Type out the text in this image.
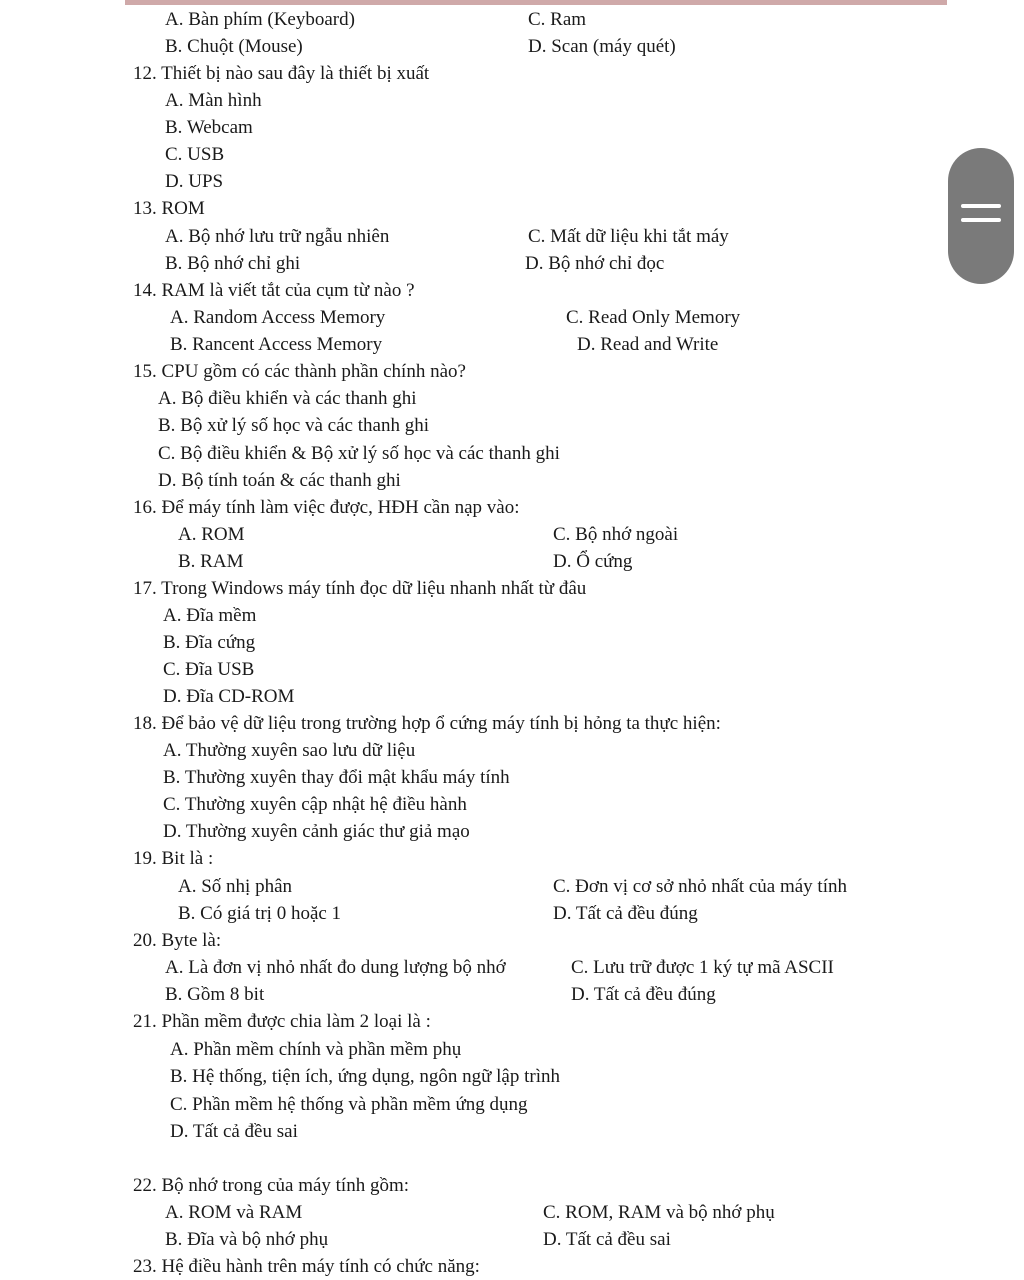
A. Bàn phím (Keyboard)	C. Ram
B. Chuột (Mouse)	D. Scan (máy quét)
12. Thiết bị nào sau đây là thiết bị xuất
A. Màn hình
B. Webcam
C. USB
D. UPS
13. ROM
A. Bộ nhớ lưu trữ ngẫu nhiên	C. Mất dữ liệu khi tắt máy
B. Bộ nhớ chỉ ghi	D. Bộ nhớ chỉ đọc
14. RAM là viết tắt của cụm từ nào ?
A. Random Access Memory	C. Read Only Memory
B. Rancent Access Memory	D. Read and Write
15. CPU gồm có các thành phần chính nào?
A. Bộ điều khiển và các thanh ghi
B. Bộ xử lý số học và các thanh ghi
C. Bộ điều khiển & Bộ xử lý số học và các thanh ghi
D. Bộ tính toán & các thanh ghi
16. Để máy tính làm việc được, HĐH cần nạp vào:
A. ROM	C. Bộ nhớ ngoài
B. RAM	D. Ổ cứng
17. Trong Windows máy tính đọc dữ liệu nhanh nhất từ đâu
A. Đĩa mềm
B. Đĩa cứng
C. Đĩa USB
D. Đĩa CD-ROM
18. Để bảo vệ dữ liệu trong trường hợp ổ cứng máy tính bị hỏng ta thực hiện:
A. Thường xuyên sao lưu dữ liệu
B. Thường xuyên thay đổi mật khẩu máy tính
C. Thường xuyên cập nhật hệ điều hành
D. Thường xuyên cảnh giác thư giả mạo
19. Bit là :
A. Số nhị phân	C. Đơn vị cơ sở nhỏ nhất của máy tính
B. Có giá trị 0 hoặc 1	D. Tất cả đều đúng
20. Byte là:
A. Là đơn vị nhỏ nhất đo dung lượng bộ nhớ	C. Lưu trữ được 1 ký tự mã ASCII
B. Gồm 8 bit	D. Tất cả đều đúng
21. Phần mềm được chia làm 2 loại là :
A. Phần mềm chính và phần mềm phụ
B. Hệ thống, tiện ích, ứng dụng, ngôn ngữ lập trình
C. Phần mềm hệ thống và phần mềm ứng dụng
D. Tất cả đều sai
22. Bộ nhớ trong của máy tính gồm:
A. ROM và RAM	C. ROM, RAM và bộ nhớ phụ
B. Đĩa và bộ nhớ phụ	D. Tất cả đều sai
23. Hệ điều hành trên máy tính có chức năng:
